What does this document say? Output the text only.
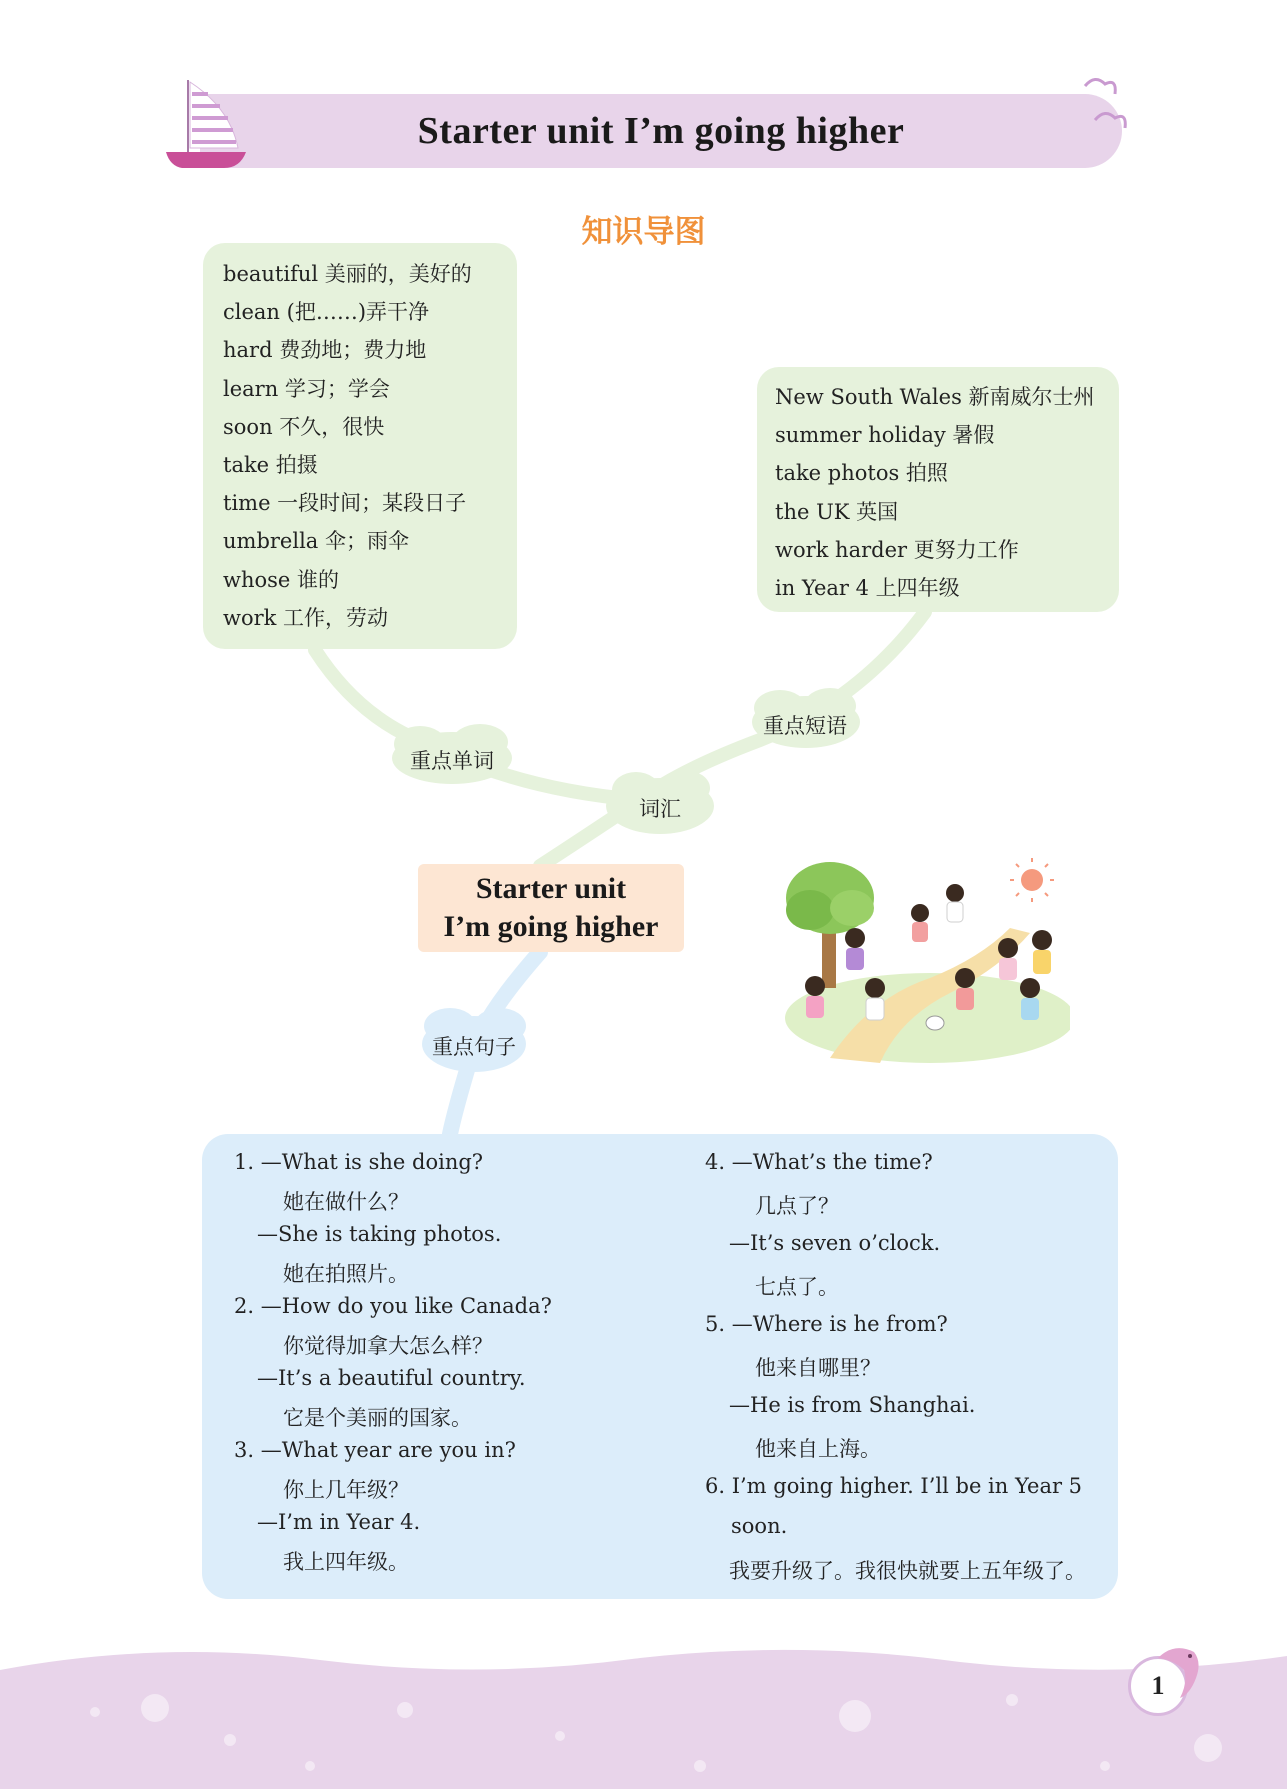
Starter unit I’m going higher
知识导图
beautiful 美丽的，美好的
clean (把……)弄干净
hard 费劲地；费力地
learn 学习；学会
soon 不久，很快
take 拍摄
time 一段时间；某段日子
umbrella 伞；雨伞
whose 谁的
work 工作，劳动
New South Wales 新南威尔士州
summer holiday 暑假
take photos 拍照
the UK 英国
work harder 更努力工作
in Year 4 上四年级
重点单词
重点短语
词汇
重点句子
Starter unit
I’m going higher
1. —What is she doing?
她在做什么？
—She is taking photos.
她在拍照片。
2. —How do you like Canada?
你觉得加拿大怎么样？
—It’s a beautiful country.
它是个美丽的国家。
3. —What year are you in?
你上几年级？
—I’m in Year 4.
我上四年级。
4. —What’s the time?
几点了？
—It’s seven o’clock.
七点了。
5. —Where is he from?
他来自哪里？
—He is from Shanghai.
他来自上海。
6. I’m going higher. I’ll be in Year 5
soon.
我要升级了。我很快就要上五年级了。
1
